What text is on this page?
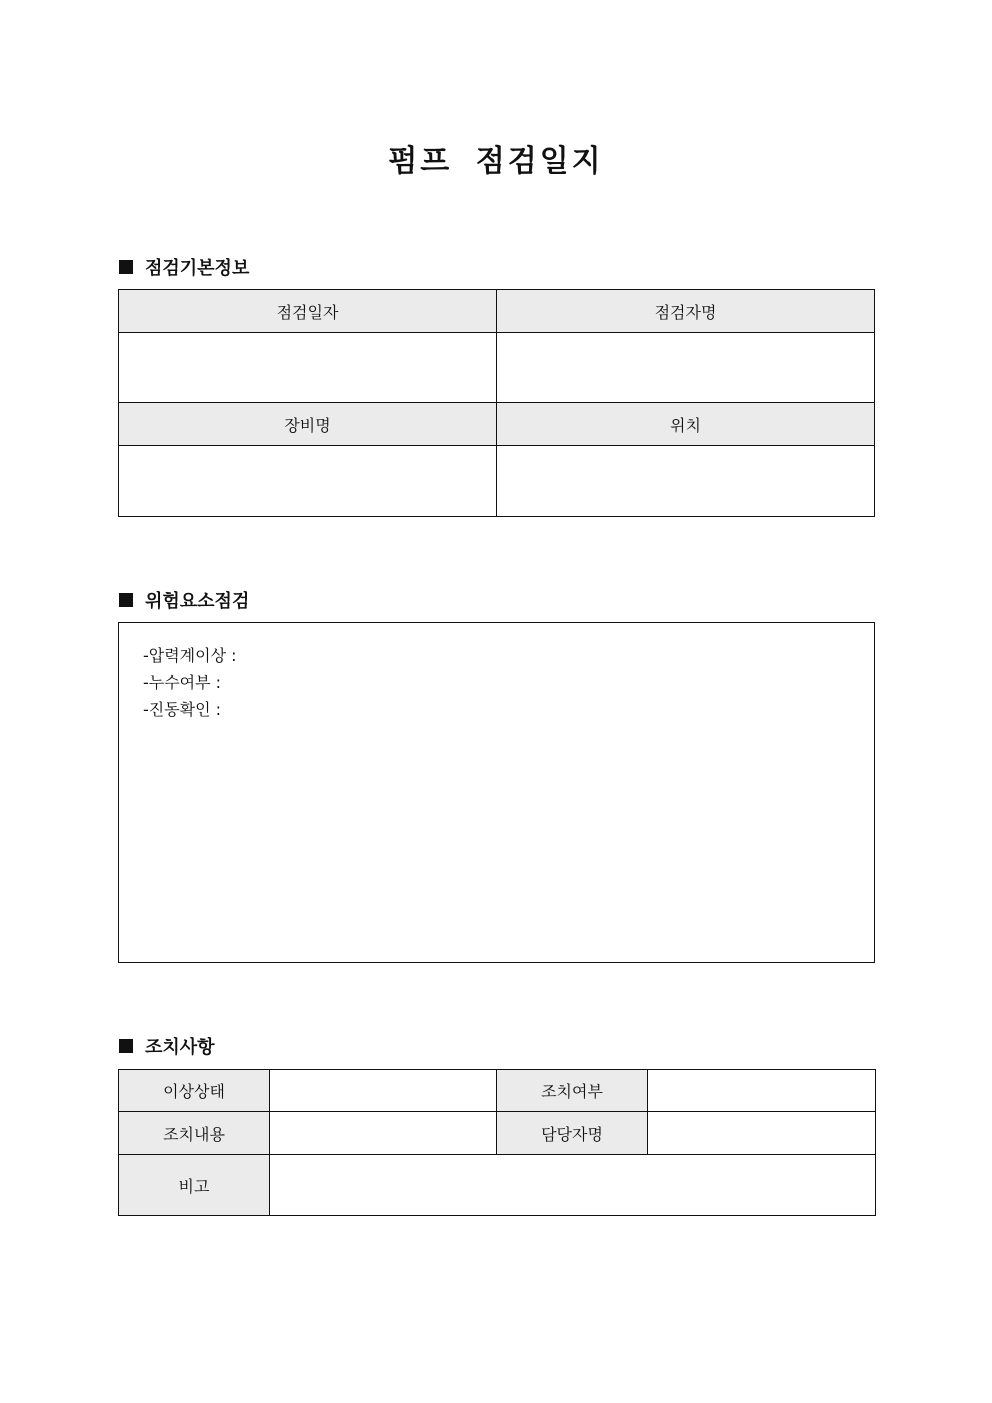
펌프 점검일지
점검기본정보
점검일자	점검자명

장비명	위치

위험요소점검
-압력계이상 :
-누수여부 :
-진동확인 :
조치사항
이상상태		조치여부	
조치내용		담당자명	
비고			
